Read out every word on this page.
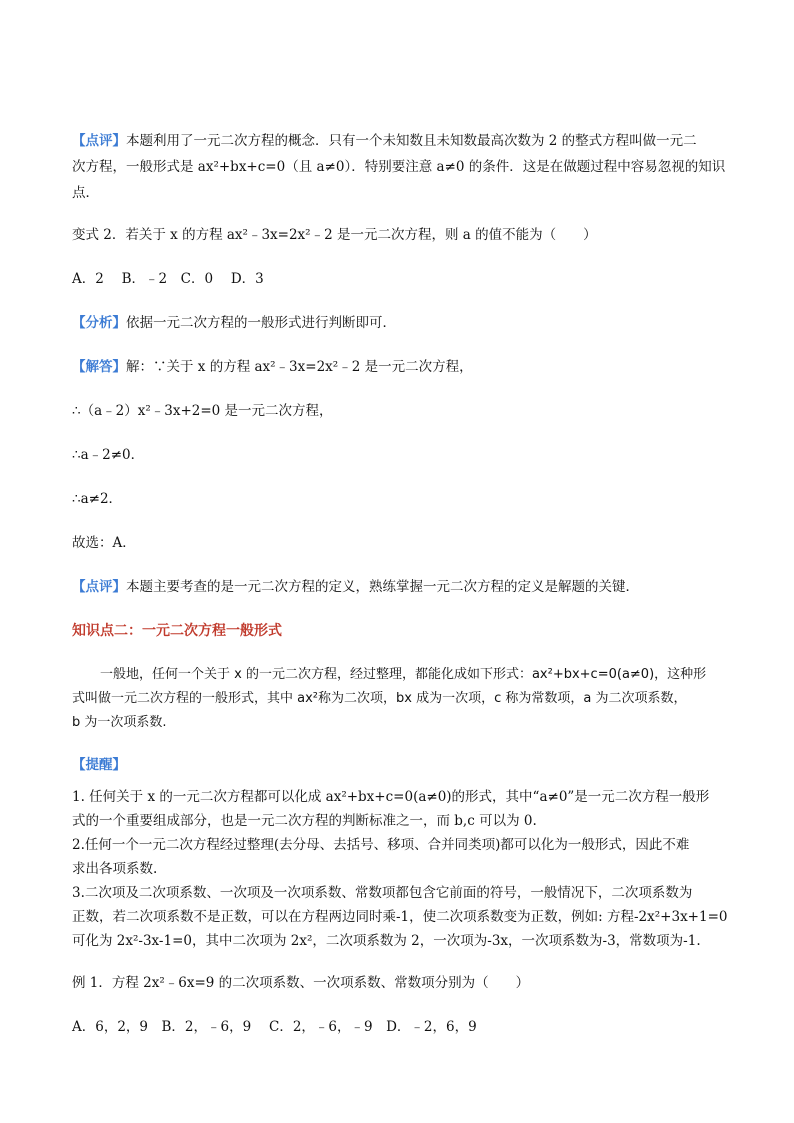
【点评】本题利用了一元二次方程的概念．只有一个未知数且未知数最高次数为 2 的整式方程叫做一元二
次方程，一般形式是 ax²+bx+c=0（且 a≠0）．特别要注意 a≠0 的条件．这是在做题过程中容易忽视的知识
点．
变式 2．若关于 x 的方程 ax²﹣3x=2x²﹣2 是一元二次方程，则 a 的值不能为（　　）
A．2　 B．﹣2　C．0　 D．3
【分析】依据一元二次方程的一般形式进行判断即可．
【解答】解：∵关于 x 的方程 ax²﹣3x=2x²﹣2 是一元二次方程，
∴（a﹣2）x²﹣3x+2=0 是一元二次方程，
∴a﹣2≠0．
∴a≠2．
故选：A．
【点评】本题主要考查的是一元二次方程的定义，熟练掌握一元二次方程的定义是解题的关键．
知识点二：一元二次方程一般形式
一般地，任何一个关于 x 的一元二次方程，经过整理，都能化成如下形式：ax²+bx+c=0(a≠0)，这种形
式叫做一元二次方程的一般形式，其中 ax²称为二次项，bx 成为一次项，c 称为常数项，a 为二次项系数，
b 为一次项系数.
【提醒】
1. 任何关于 x 的一元二次方程都可以化成 ax²+bx+c=0(a≠0)的形式，其中“a≠0”是一元二次方程一般形
式的一个重要组成部分，也是一元二次方程的判断标准之一，而 b,c 可以为 0.
2.任何一个一元二次方程经过整理(去分母、去括号、移项、合并同类项)都可以化为一般形式，因此不难
求出各项系数.
3.二次项及二次项系数、一次项及一次项系数、常数项都包含它前面的符号，一般情况下，二次项系数为
正数，若二次项系数不是正数，可以在方程两边同时乘-1，使二次项系数变为正数，例如: 方程-2x²+3x+1=0
可化为 2x²-3x-1=0，其中二次项为 2x²，二次项系数为 2，一次项为-3x，一次项系数为-3，常数项为-1.
例 1．方程 2x²﹣6x=9 的二次项系数、一次项系数、常数项分别为（　　）
A．6，2，9　B．2，﹣6，9　 C．2，﹣6，﹣9　D．﹣2，6，9
